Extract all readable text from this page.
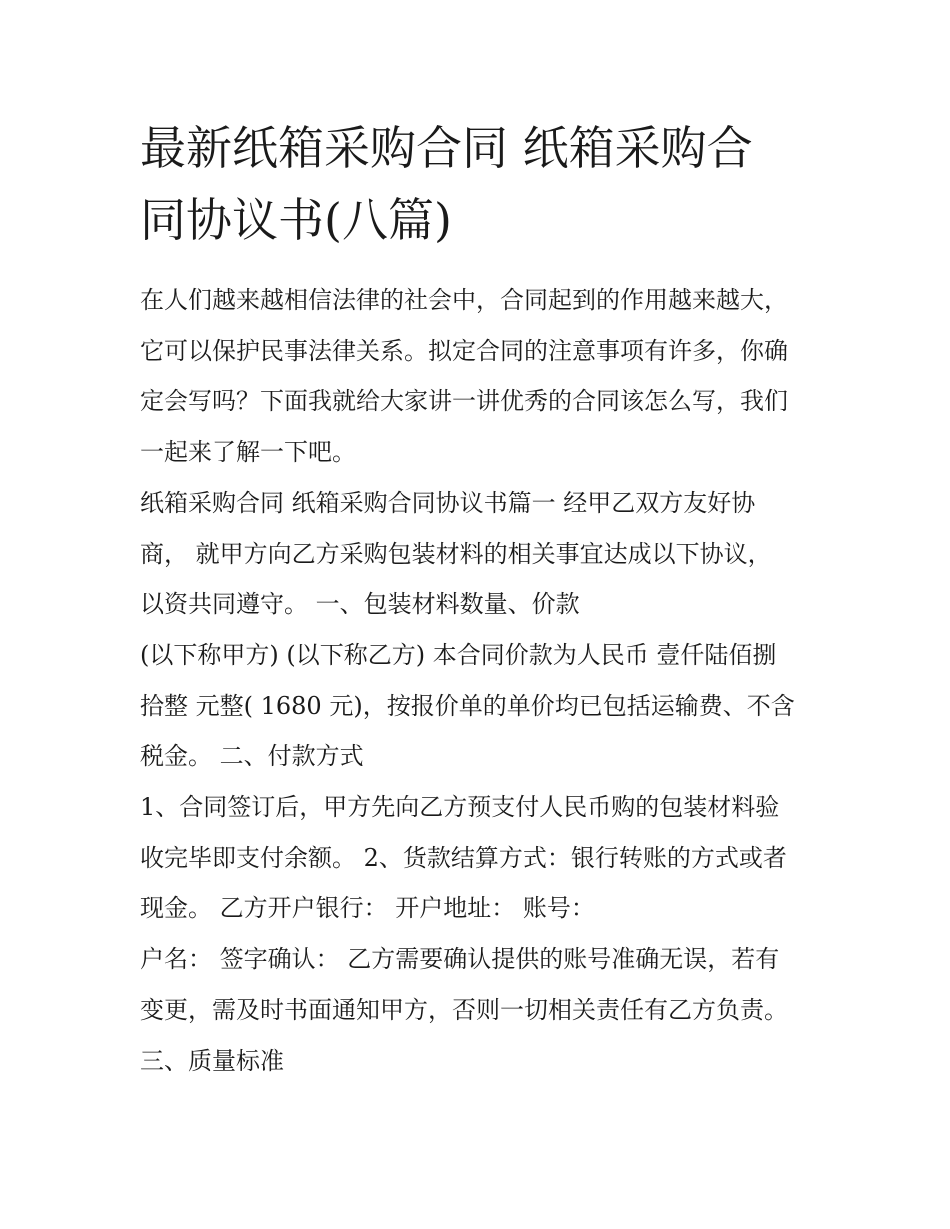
最新纸箱采购合同 纸箱采购合
同协议书(八篇)
在人们越来越相信法律的社会中，合同起到的作用越来越大，
它可以保护民事法律关系。拟定合同的注意事项有许多，你确
定会写吗？下面我就给大家讲一讲优秀的合同该怎么写，我们
一起来了解一下吧。
纸箱采购合同 纸箱采购合同协议书篇一 经甲乙双方友好协
商， 就甲方向乙方采购包装材料的相关事宜达成以下协议，
以资共同遵守。 一、包装材料数量、价款
(以下称甲方) (以下称乙方) 本合同价款为人民币 壹仟陆佰捌
拾整 元整( 1680 元)，按报价单的单价均已包括运输费、不含
税金。 二、付款方式
1、合同签订后，甲方先向乙方预支付人民币购的包装材料验
收完毕即支付余额。 2、货款结算方式：银行转账的方式或者
现金。 乙方开户银行： 开户地址： 账号：
户名： 签字确认： 乙方需要确认提供的账号准确无误，若有
变更，需及时书面通知甲方，否则一切相关责任有乙方负责。
三、质量标准
